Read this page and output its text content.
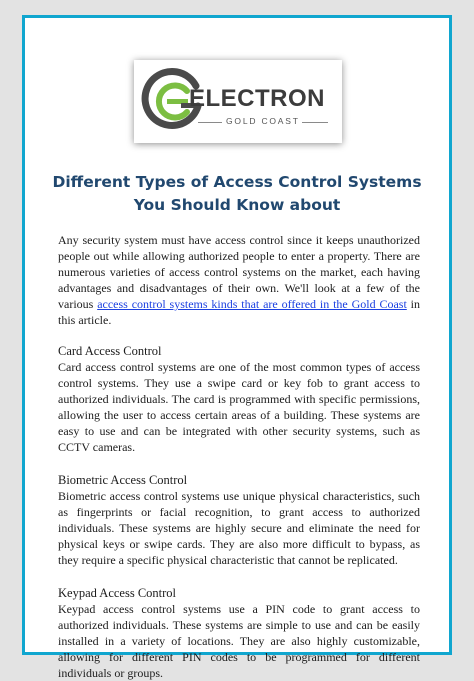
ELECTRON
GOLD COAST
Different Types of Access Control Systems
You Should Know about

Any security system must have access control since it keeps unauthorized people out while allowing authorized people to enter a property. There are numerous varieties of access control systems on the market, each having advantages and disadvantages of their own. We'll look at a few of the various access control systems kinds that are offered in the Gold Coast in this article.

Card Access Control

Card access control systems are one of the most common types of access control systems. They use a swipe card or key fob to grant access to authorized individuals. The card is programmed with specific permissions, allowing the user to access certain areas of a building. These systems are easy to use and can be integrated with other security systems, such as CCTV cameras.

Biometric Access Control

Biometric access control systems use unique physical characteristics, such as fingerprints or facial recognition, to grant access to authorized individuals. These systems are highly secure and eliminate the need for physical keys or swipe cards. They are also more difficult to bypass, as they require a specific physical characteristic that cannot be replicated.

Keypad Access Control

Keypad access control systems use a PIN code to grant access to authorized individuals. These systems are simple to use and can be easily installed in a variety of locations. They are also highly customizable, allowing for different PIN codes to be programmed for different individuals or groups.
